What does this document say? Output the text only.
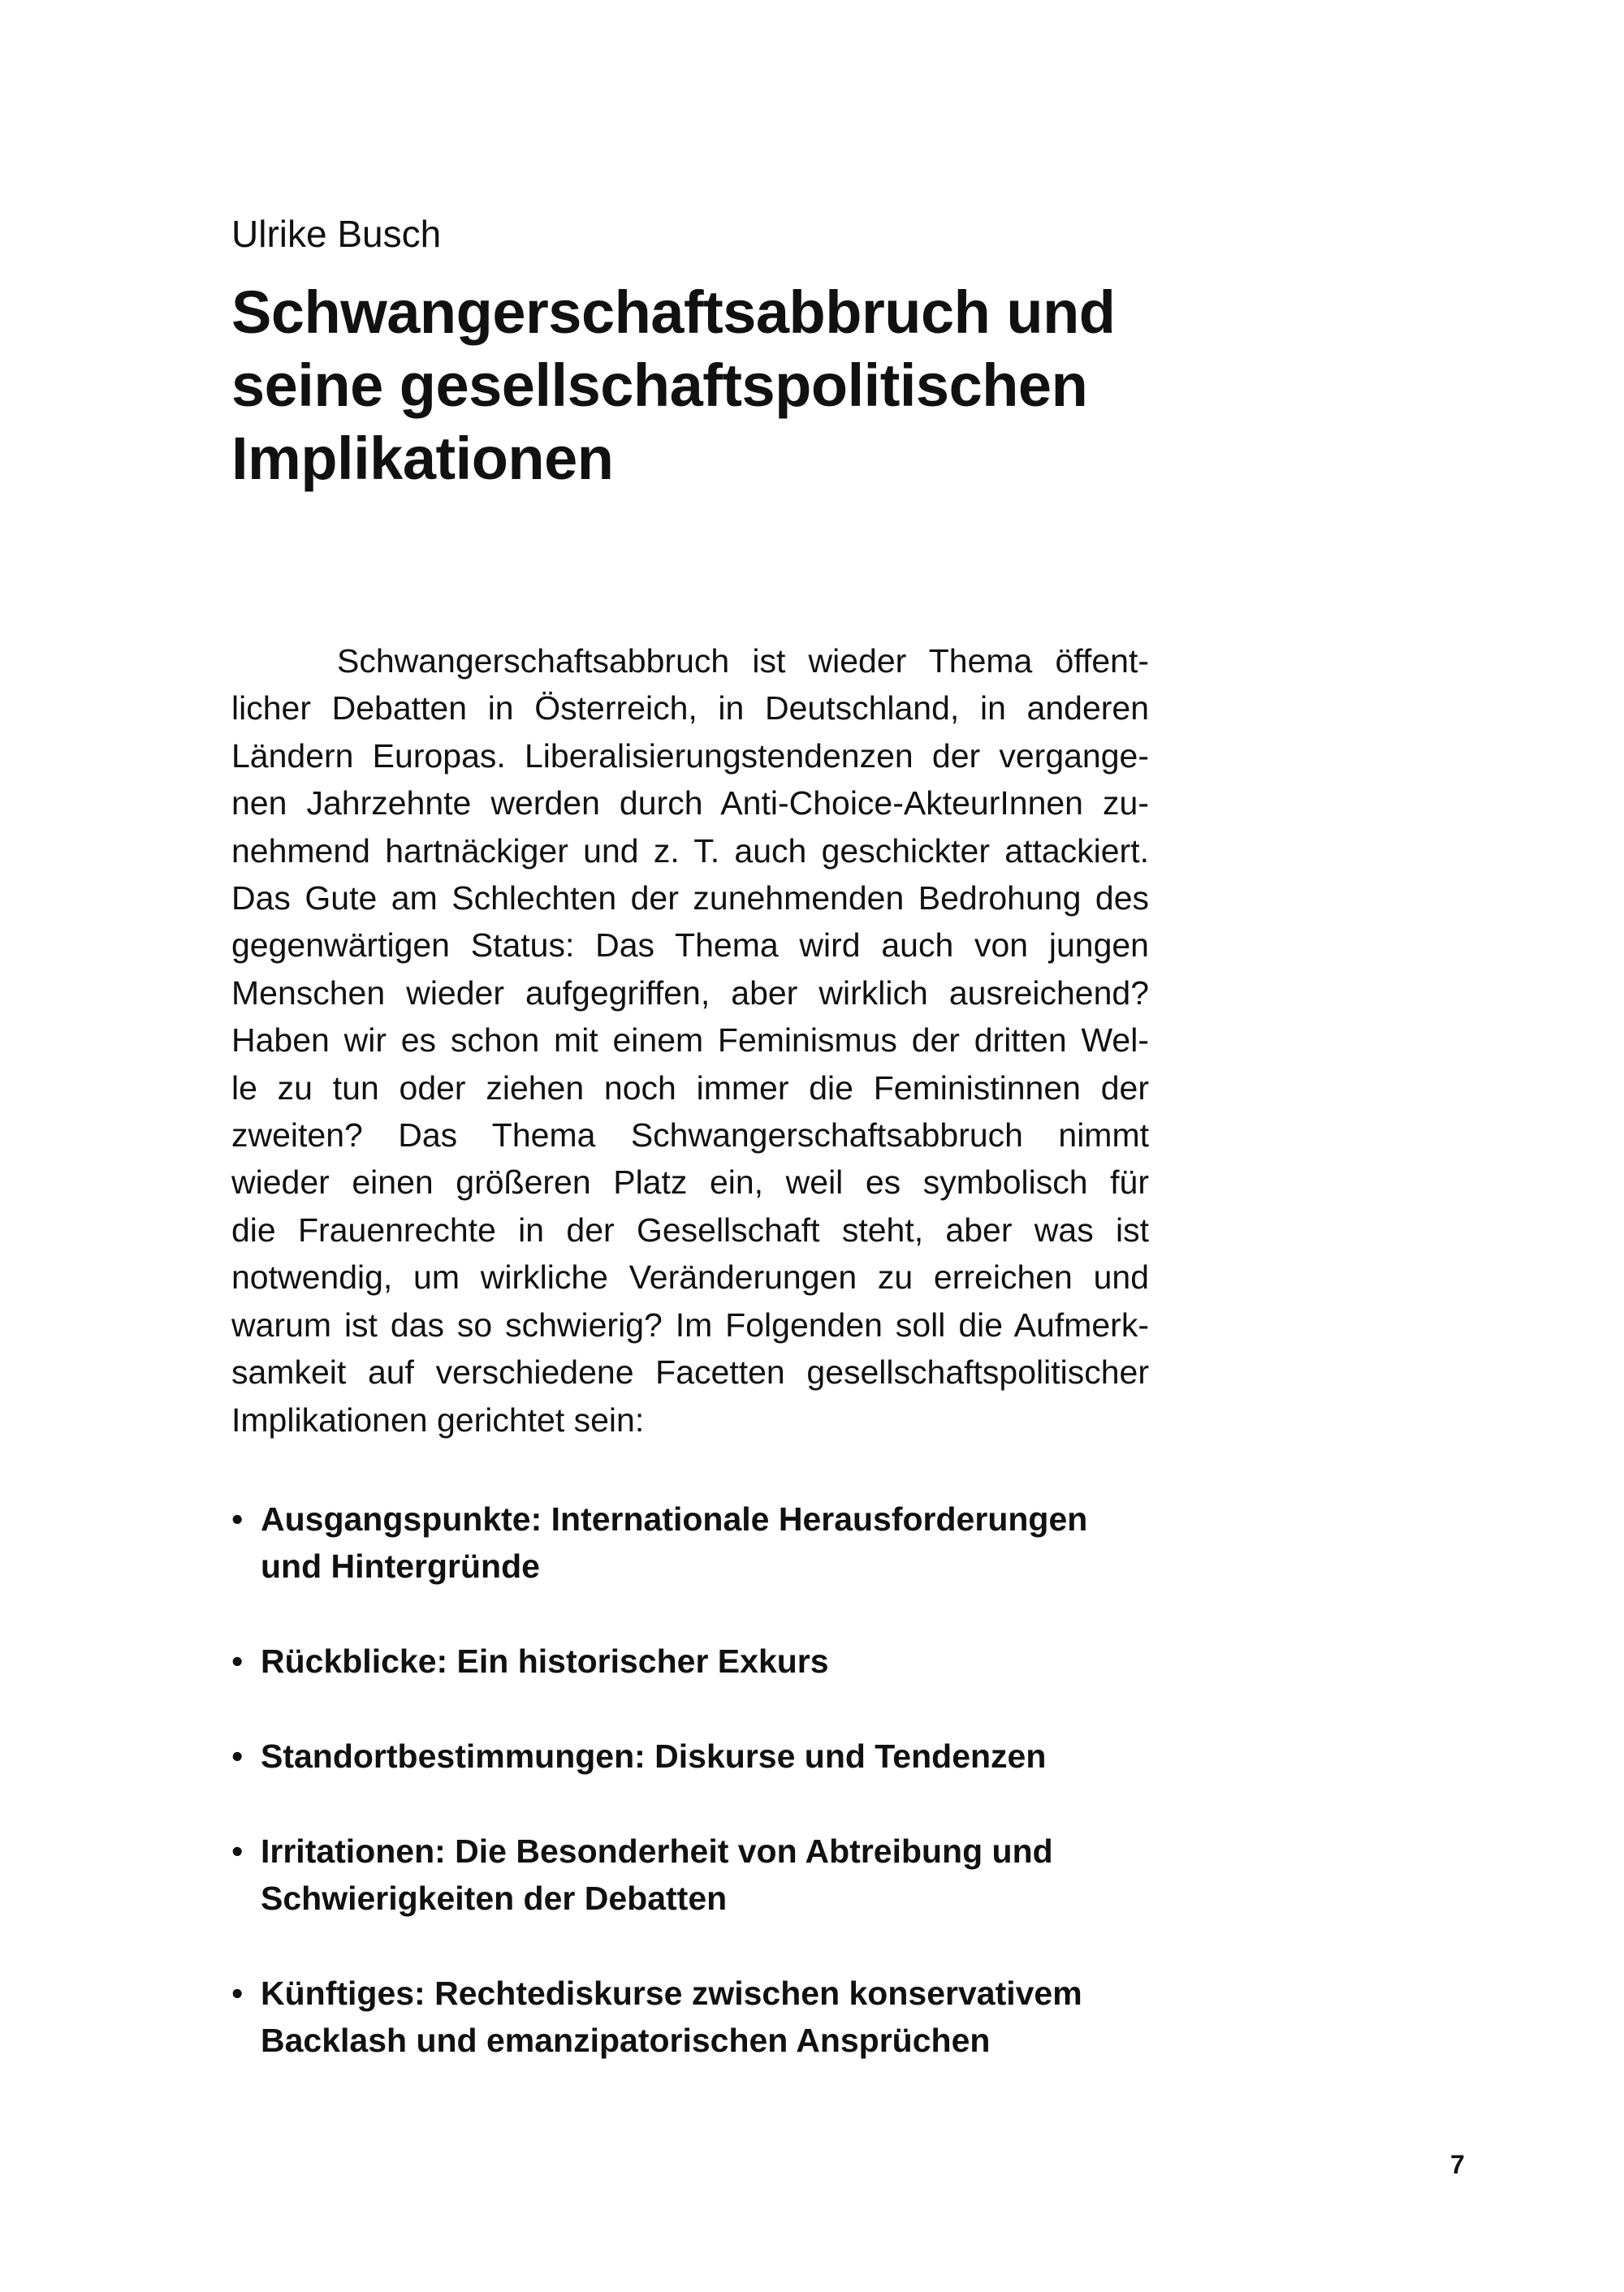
Ulrike Busch

Schwangerschaftsabbruch und
seine gesellschaftspolitischen
Implikationen

Schwangerschaftsabbruch ist wieder Thema öffent-
licher Debatten in Österreich, in Deutschland, in anderen
Ländern Europas. Liberalisierungstendenzen der vergange-
nen Jahrzehnte werden durch Anti-Choice-AkteurInnen zu-
nehmend hartnäckiger und z. T. auch geschickter attackiert.
Das Gute am Schlechten der zunehmenden Bedrohung des
gegenwärtigen Status: Das Thema wird auch von jungen
Menschen wieder aufgegriffen, aber wirklich ausreichend?
Haben wir es schon mit einem Feminismus der dritten Wel-
le zu tun oder ziehen noch immer die Feministinnen der
zweiten? Das Thema Schwangerschaftsabbruch nimmt
wieder einen größeren Platz ein, weil es symbolisch für
die Frauenrechte in der Gesellschaft steht, aber was ist
notwendig, um wirkliche Veränderungen zu erreichen und
warum ist das so schwierig? Im Folgenden soll die Aufmerk-
samkeit auf verschiedene Facetten gesellschaftspolitischer
Implikationen gerichtet sein:

• Ausgangspunkte: Internationale Herausforderungen
und Hintergründe
• Rückblicke: Ein historischer Exkurs
• Standortbestimmungen: Diskurse und Tendenzen
• Irritationen: Die Besonderheit von Abtreibung und
Schwierigkeiten der Debatten
• Künftiges: Rechtediskurse zwischen konservativem
Backlash und emanzipatorischen Ansprüchen

7
